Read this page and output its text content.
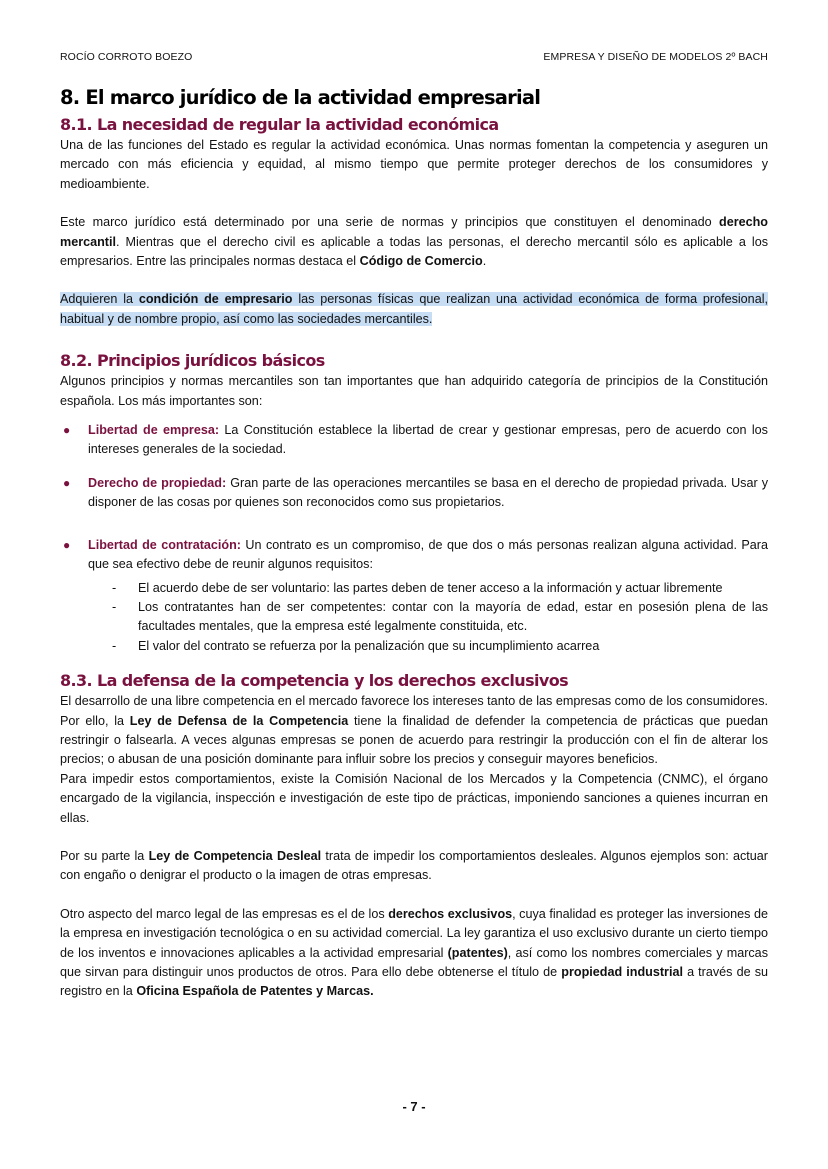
ROCÍO CORROTO BOEZO	EMPRESA Y DISEÑO DE MODELOS 2º BACH
8. El marco jurídico de la actividad empresarial
8.1. La necesidad de regular la actividad económica

Una de las funciones del Estado es regular la actividad económica. Unas normas fomentan la competencia y aseguren un mercado con más eficiencia y equidad, al mismo tiempo que permite proteger derechos de los consumidores y medioambiente.

Este marco jurídico está determinado por una serie de normas y principios que constituyen el denominado derecho mercantil. Mientras que el derecho civil es aplicable a todas las personas, el derecho mercantil sólo es aplicable a los empresarios. Entre las principales normas destaca el Código de Comercio.

Adquieren la condición de empresario las personas físicas que realizan una actividad económica de forma profesional, habitual y de nombre propio, así como las sociedades mercantiles.

8.2. Principios jurídicos básicos

Algunos principios y normas mercantiles son tan importantes que han adquirido categoría de principios de la Constitución española. Los más importantes son:

● Libertad de empresa: La Constitución establece la libertad de crear y gestionar empresas, pero de acuerdo con los intereses generales de la sociedad.
● Derecho de propiedad: Gran parte de las operaciones mercantiles se basa en el derecho de propiedad privada. Usar y disponer de las cosas por quienes son reconocidos como sus propietarios.
● Libertad de contratación: Un contrato es un compromiso, de que dos o más personas realizan alguna actividad. Para que sea efectivo debe de reunir algunos requisitos:
- El acuerdo debe de ser voluntario: las partes deben de tener acceso a la información y actuar libremente
- Los contratantes han de ser competentes: contar con la mayoría de edad, estar en posesión plena de las facultades mentales, que la empresa esté legalmente constituida, etc.
- El valor del contrato se refuerza por la penalización que su incumplimiento acarrea
8.3. La defensa de la competencia y los derechos exclusivos

El desarrollo de una libre competencia en el mercado favorece los intereses tanto de las empresas como de los consumidores. Por ello, la Ley de Defensa de la Competencia tiene la finalidad de defender la competencia de prácticas que puedan restringir o falsearla. A veces algunas empresas se ponen de acuerdo para restringir la producción con el fin de alterar los precios; o abusan de una posición dominante para influir sobre los precios y conseguir mayores beneficios.

Para impedir estos comportamientos, existe la Comisión Nacional de los Mercados y la Competencia (CNMC), el órgano encargado de la vigilancia, inspección e investigación de este tipo de prácticas, imponiendo sanciones a quienes incurran en ellas.

Por su parte la Ley de Competencia Desleal trata de impedir los comportamientos desleales. Algunos ejemplos son: actuar con engaño o denigrar el producto o la imagen de otras empresas.

Otro aspecto del marco legal de las empresas es el de los derechos exclusivos, cuya finalidad es proteger las inversiones de la empresa en investigación tecnológica o en su actividad comercial. La ley garantiza el uso exclusivo durante un cierto tiempo de los inventos e innovaciones aplicables a la actividad empresarial (patentes), así como los nombres comerciales y marcas que sirvan para distinguir unos productos de otros. Para ello debe obtenerse el título de propiedad industrial a través de su registro en la Oficina Española de Patentes y Marcas.

- 7 -
